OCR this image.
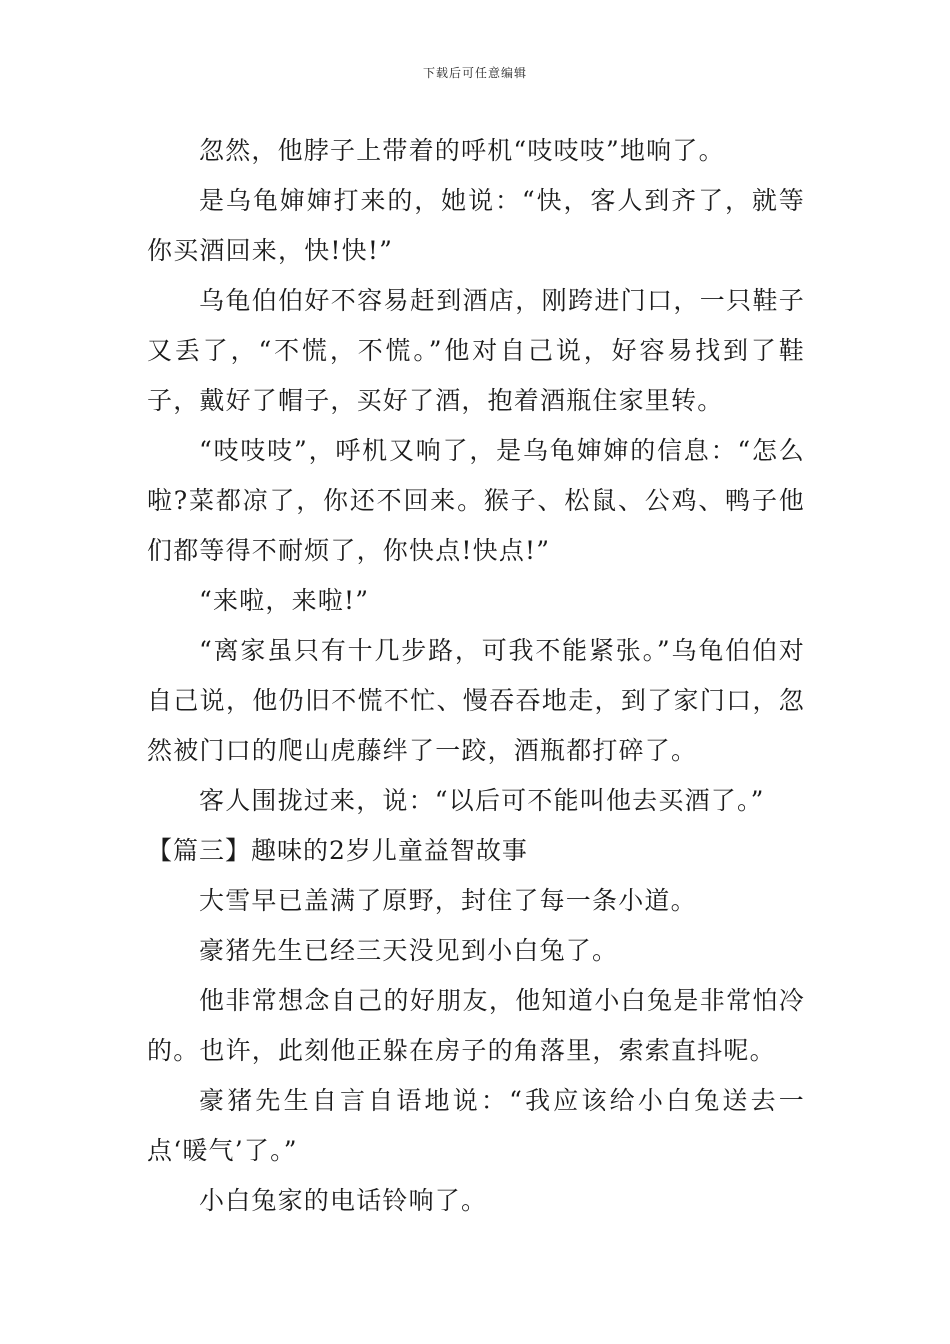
下载后可任意编辑

忽然，他脖子上带着的呼机“吱吱吱”地响了。

是乌龟婶婶打来的，她说：“快，客人到齐了，就等你买酒回来，快!快!”

乌龟伯伯好不容易赶到酒店，刚跨进门口，一只鞋子又丢了，“不慌，不慌。”他对自己说，好容易找到了鞋子，戴好了帽子，买好了酒，抱着酒瓶住家里转。

“吱吱吱”，呼机又响了，是乌龟婶婶的信息：“怎么啦?菜都凉了，你还不回来。猴子、松鼠、公鸡、鸭子他们都等得不耐烦了，你快点!快点!”

“来啦，来啦!”

“离家虽只有十几步路，可我不能紧张。”乌龟伯伯对自己说，他仍旧不慌不忙、慢吞吞地走，到了家门口，忽然被门口的爬山虎藤绊了一跤，酒瓶都打碎了。

客人围拢过来，说：“以后可不能叫他去买酒了。”

【篇三】趣味的2岁儿童益智故事

大雪早已盖满了原野，封住了每一条小道。

豪猪先生已经三天没见到小白兔了。

他非常想念自己的好朋友，他知道小白兔是非常怕冷的。也许，此刻他正躲在房子的角落里，索索直抖呢。

豪猪先生自言自语地说：“我应该给小白兔送去一点‘暖气’了。”

小白兔家的电话铃响了。
